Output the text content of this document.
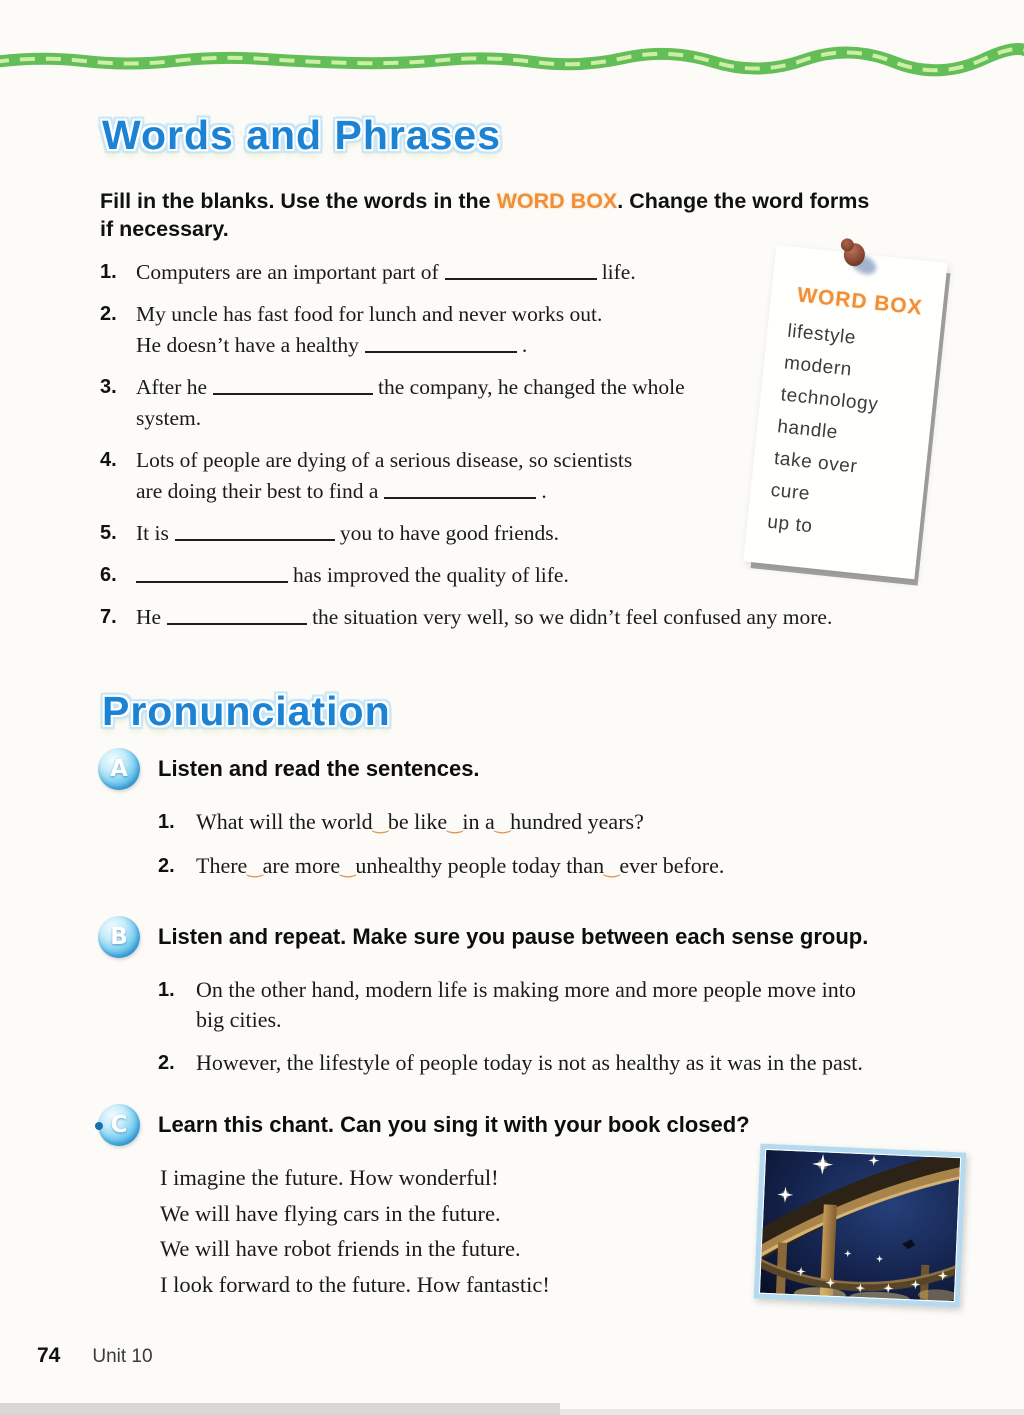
Words and Phrases
Fill in the blanks. Use the words in the WORD BOX. Change the word forms
if necessary.
1. Computers are an important part of	life.
2. My uncle has fast food for lunch and never works out.
He doesn’t have a healthy	.
3. After he	the company, he changed the whole
system.
4. Lots of people are dying of a serious disease, so scientists
are doing their best to find a	.
5. It is	you to have good friends.
6.	has improved the quality of life.
7. He	the situation very well, so we didn’t feel confused any more.
WORD BOX
lifestyle
modern
technology
handle
take over
cure
up to
Pronunciation
A	Listen and read the sentences.
1. What will the world‿be like‿in a‿hundred years?
2. There‿are more‿unhealthy people today than‿ever before.
B	Listen and repeat. Make sure you pause between each sense group.
1. On the other hand, modern life is making more and more people move into
big cities.
2. However, the lifestyle of people today is not as healthy as it was in the past.
C Learn this chant. Can you sing it with your book closed?
I imagine the future. How wonderful!
We will have flying cars in the future.
We will have robot friends in the future.
I look forward to the future. How fantastic!
74 Unit 10
